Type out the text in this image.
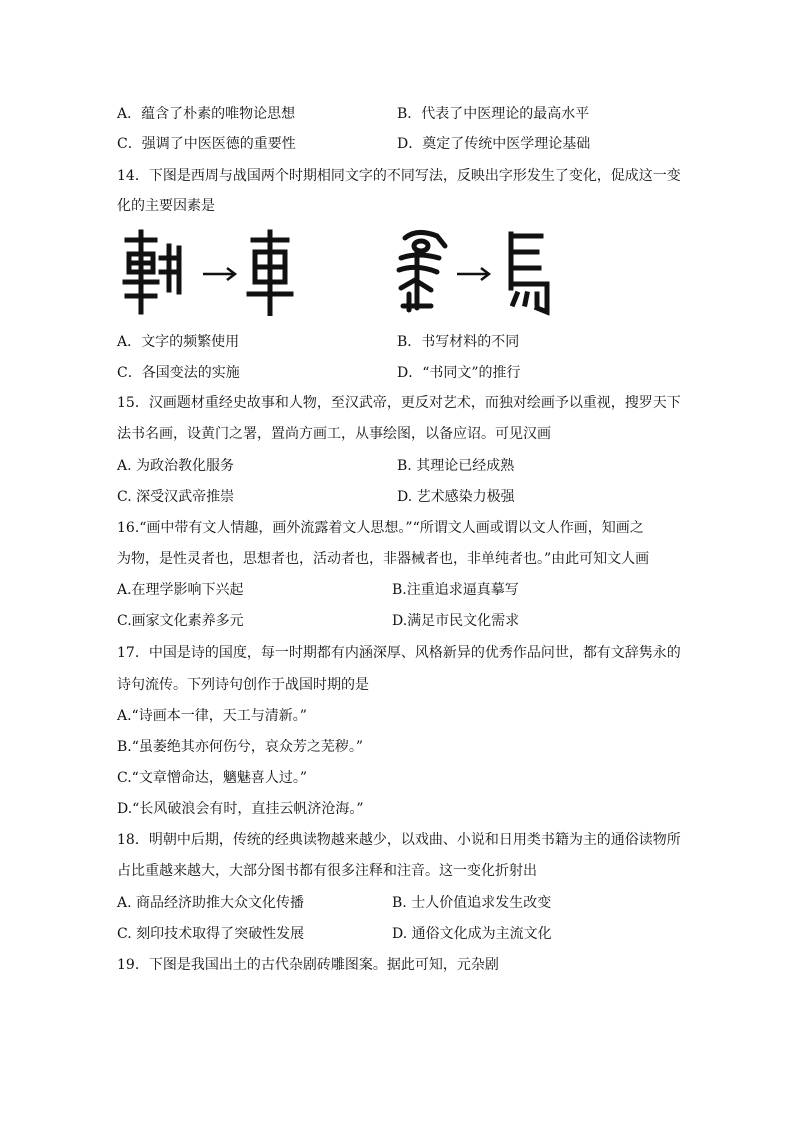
A．蕴含了朴素的唯物论思想	B．代表了中医理论的最高水平
C．强调了中医医德的重要性	D．奠定了传统中医学理论基础
14．下图是西周与战国两个时期相同文字的不同写法，反映出字形发生了变化，促成这一变
化的主要因素是
A．文字的频繁使用	B．书写材料的不同
C．各国变法的实施	D．“书同文”的推行
15．汉画题材重经史故事和人物，至汉武帝，更反对艺术，而独对绘画予以重视，搜罗天下
法书名画，设黄门之署，置尚方画工，从事绘图，以备应诏。可见汉画
A. 为政治教化服务	B. 其理论已经成熟
C. 深受汉武帝推崇	D. 艺术感染力极强
16.“画中带有文人情趣，画外流露着文人思想。”“所谓文人画或谓以文人作画，知画之
为物，是性灵者也，思想者也，活动者也，非器械者也，非单纯者也。”由此可知文人画
A.在理学影响下兴起	B.注重追求逼真摹写
C.画家文化素养多元	D.满足市民文化需求
17．中国是诗的国度，每一时期都有内涵深厚、风格新异的优秀作品问世，都有文辞隽永的
诗句流传。下列诗句创作于战国时期的是
A.“诗画本一律，天工与清新。”
B.“虽萎绝其亦何伤兮，哀众芳之芜秽。”
C.“文章憎命达，魑魅喜人过。”
D.“长风破浪会有时，直挂云帆济沧海。”
18．明朝中后期，传统的经典读物越来越少，以戏曲、小说和日用类书籍为主的通俗读物所
占比重越来越大，大部分图书都有很多注释和注音。这一变化折射出
A. 商品经济助推大众文化传播	B. 士人价值追求发生改变
C. 刻印技术取得了突破性发展	D. 通俗文化成为主流文化
19．下图是我国出土的古代杂剧砖雕图案。据此可知，元杂剧
